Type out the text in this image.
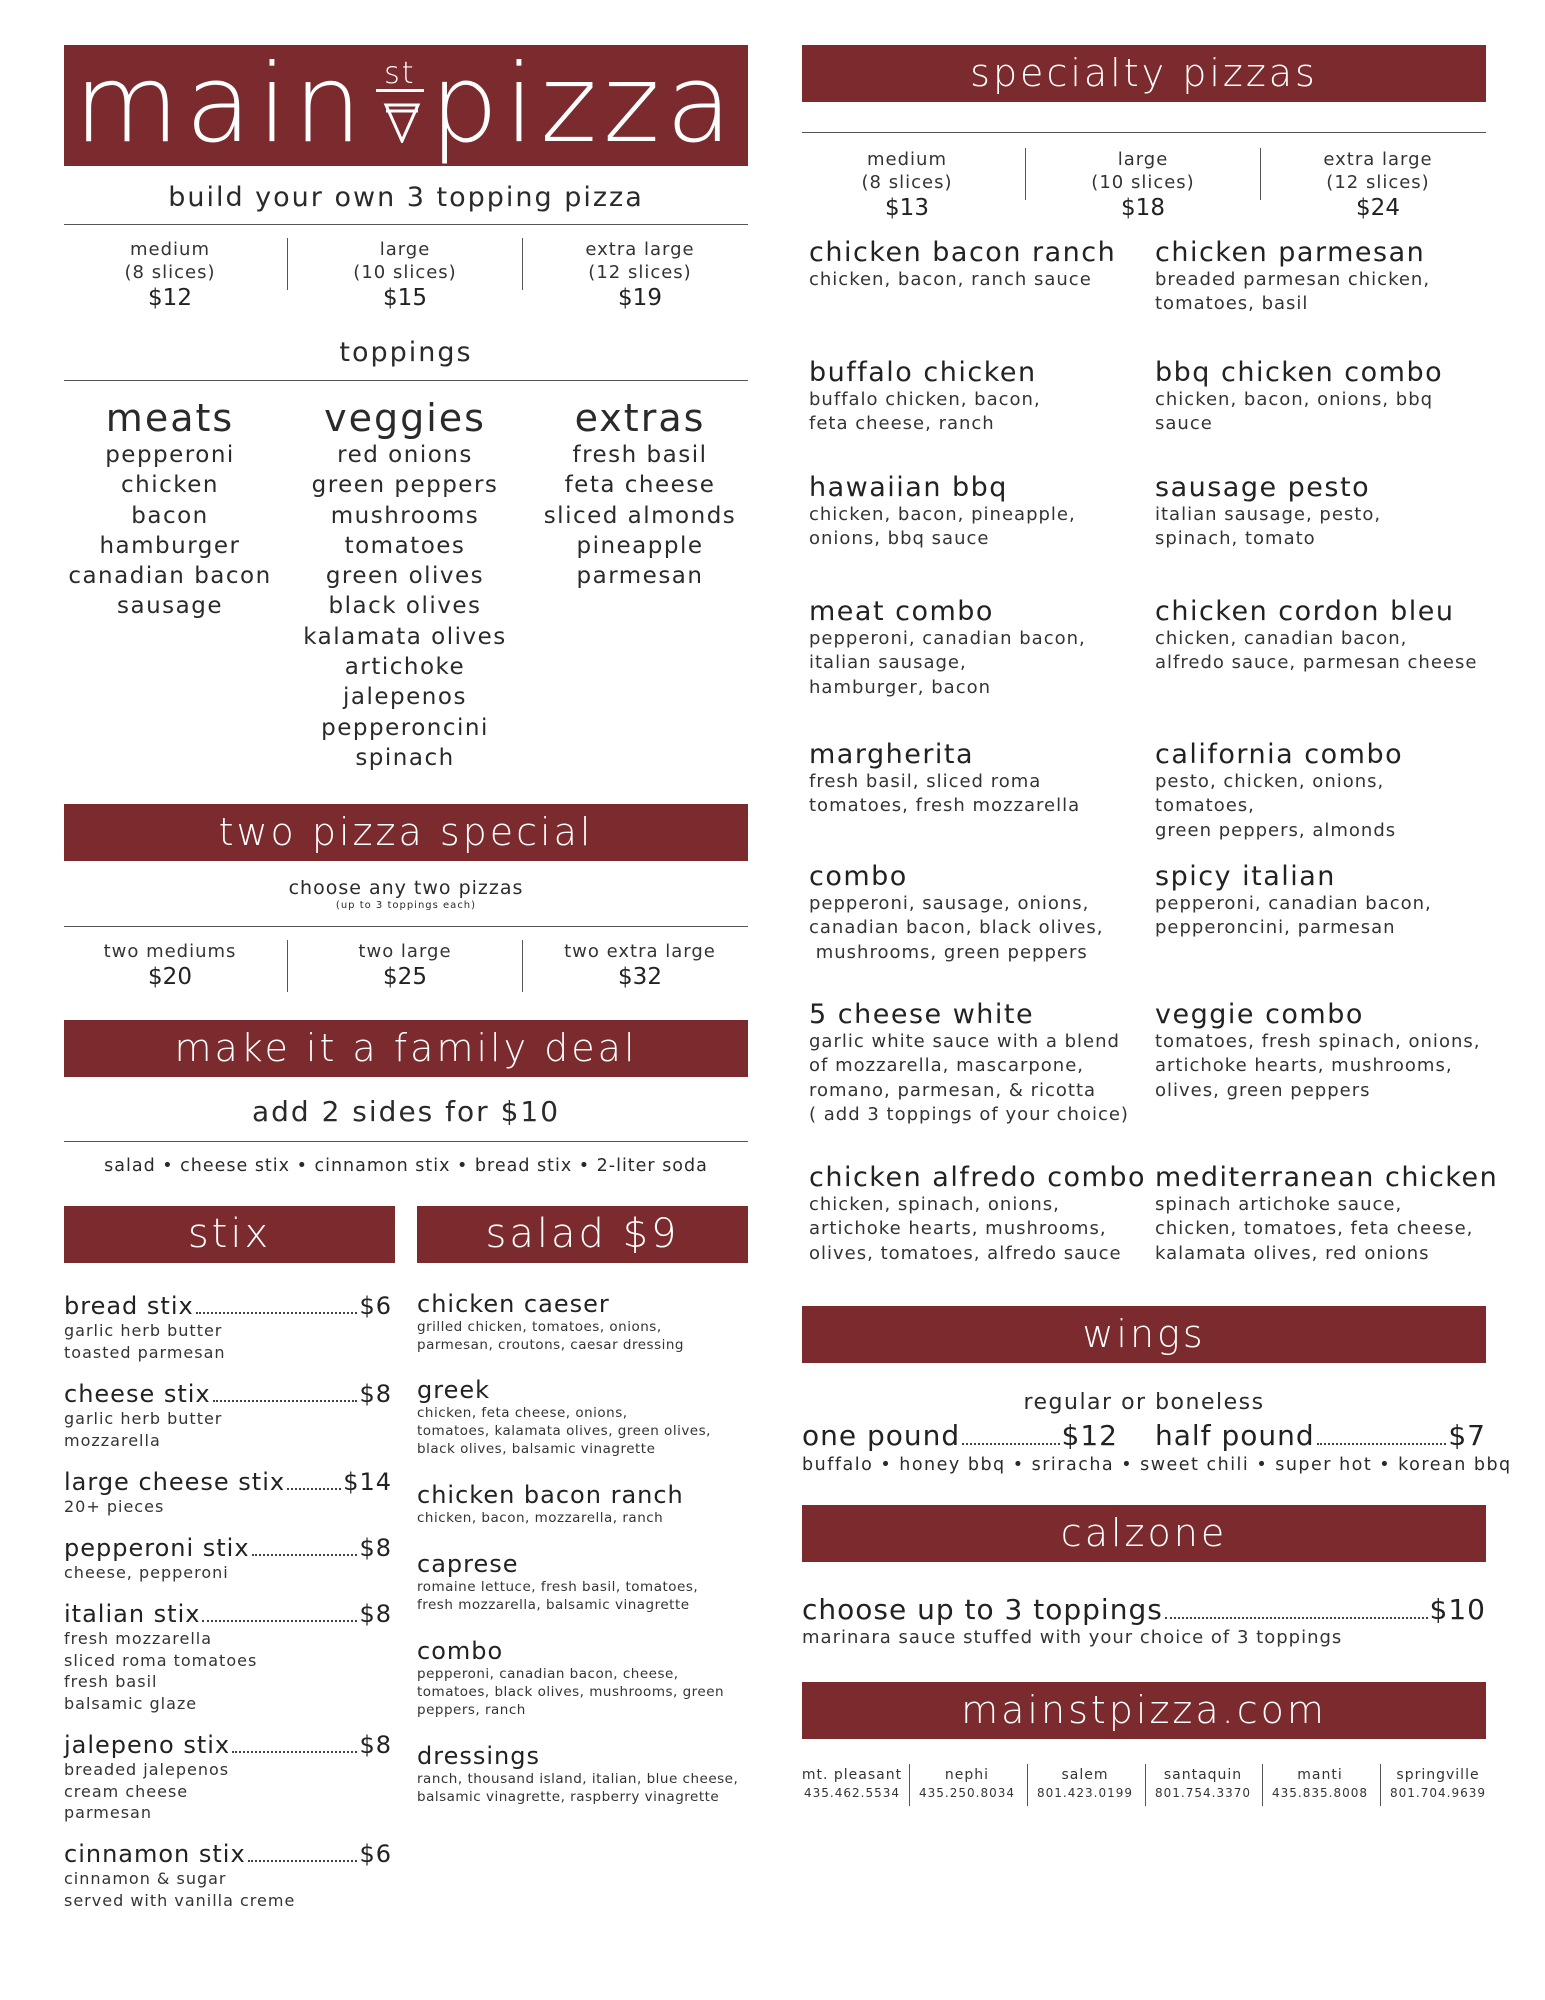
main st pizza
build your own 3 topping pizza
medium
(8 slices)
$12
large
(10 slices)
$15
extra large
(12 slices)
$19
toppings
meats
pepperoni
chicken
bacon
hamburger
canadian bacon
sausage
veggies
red onions
green peppers
mushrooms
tomatoes
green olives
black olives
kalamata olives
artichoke
jalepenos
pepperoncini
spinach
extras
fresh basil
feta cheese
sliced almonds
pineapple
parmesan
two pizza special
choose any two pizzas
(up to 3 toppings each)
two mediums
$20
two large
$25
two extra large
$32
make it a family deal
add 2 sides for $10
salad • cheese stix • cinnamon stix • bread stix • 2-liter soda
stix
bread stix	$6
garlic herb butter
toasted parmesan
cheese stix	$8
garlic herb butter
mozzarella
large cheese stix $14
20+ pieces
pepperoni stix	$8
cheese, pepperoni
italian stix	$8
fresh mozzarella
sliced roma tomatoes
fresh basil
balsamic glaze
jalepeno stix	$8
breaded jalepenos
cream cheese
parmesan
cinnamon stix	$6
cinnamon & sugar
served with vanilla creme
salad $9
chicken caeser
grilled chicken, tomatoes, onions,
parmesan, croutons, caesar dressing
greek
chicken, feta cheese, onions,
tomatoes, kalamata olives, green olives,
black olives, balsamic vinagrette
chicken bacon ranch
chicken, bacon, mozzarella, ranch
caprese
romaine lettuce, fresh basil, tomatoes,
fresh mozzarella, balsamic vinagrette
combo
pepperoni, canadian bacon, cheese,
tomatoes, black olives, mushrooms, green
peppers, ranch
dressings
ranch, thousand island, italian, blue cheese,
balsamic vinagrette, raspberry vinagrette
specialty pizzas
medium
(8 slices)
$13
large
(10 slices)
$18
extra large
(12 slices)
$24
chicken bacon ranch
chicken, bacon, ranch sauce
chicken parmesan
breaded parmesan chicken,
tomatoes, basil
buffalo chicken
buffalo chicken, bacon,
feta cheese, ranch
bbq chicken combo
chicken, bacon, onions, bbq
sauce
hawaiian bbq
chicken, bacon, pineapple,
onions, bbq sauce
sausage pesto
italian sausage, pesto,
spinach, tomato
meat combo
pepperoni, canadian bacon,
italian sausage,
hamburger, bacon
chicken cordon bleu
chicken, canadian bacon,
alfredo sauce, parmesan cheese
margherita
fresh basil, sliced roma
tomatoes, fresh mozzarella
california combo
pesto, chicken, onions, tomatoes,
green peppers, almonds
combo
pepperoni, sausage, onions,
canadian bacon, black olives,
mushrooms, green peppers
spicy italian
pepperoni, canadian bacon,
pepperoncini, parmesan
5 cheese white
garlic white sauce with a blend
of mozzarella, mascarpone,
romano, parmesan, & ricotta
( add 3 toppings of your choice)
veggie combo
tomatoes, fresh spinach, onions,
artichoke hearts, mushrooms,
olives, green peppers
chicken alfredo combo
chicken, spinach, onions,
artichoke hearts, mushrooms,
olives, tomatoes, alfredo sauce
mediterranean chicken
spinach artichoke sauce,
chicken, tomatoes, feta cheese,
kalamata olives, red onions
wings
regular or boneless
one pound	$12 half pound	$7
buffalo • honey bbq • sriracha • sweet chili • super hot • korean bbq
calzone
choose up to 3 toppings	$10
marinara sauce stuffed with your choice of 3 toppings
mainstpizza.com
mt. pleasant
435.462.5534
nephi
435.250.8034
salem
801.423.0199
santaquin
801.754.3370
manti
435.835.8008
springville
801.704.9639
